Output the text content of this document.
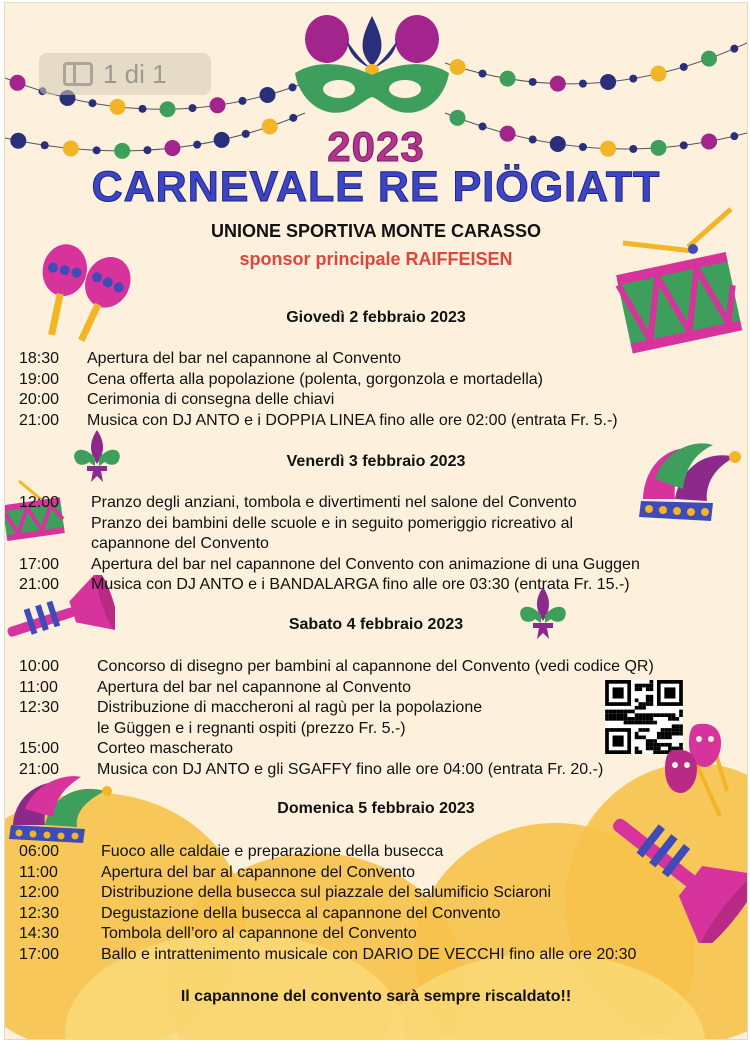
1 di 1
2023
CARNEVALE RE PIÖGIATT
UNIONE SPORTIVA MONTE CARASSO
sponsor principale RAIFFEISEN
Giovedì 2 febbraio 2023
18:30 Apertura del bar nel capannone al Convento
19:00 Cena offerta alla popolazione (polenta, gorgonzola e mortadella)
20:00 Cerimonia di consegna delle chiavi
21:00 Musica con DJ ANTO e i DOPPIA LINEA fino alle ore 02:00 (entrata Fr. 5.-)
Venerdì 3 febbraio 2023
12:00 Pranzo degli anziani, tombola e divertimenti nel salone del Convento
Pranzo dei bambini delle scuole e in seguito pomeriggio ricreativo al
capannone del Convento
17:00 Apertura del bar nel capannone del Convento con animazione di una Guggen
21:00 Musica con DJ ANTO e i BANDALARGA fino alle ore 03:30 (entrata Fr. 15.-)
Sabato 4 febbraio 2023
10:00 Concorso di disegno per bambini al capannone del Convento (vedi codice QR)
11:00 Apertura del bar nel capannone al Convento
12:30 Distribuzione di maccheroni al ragù per la popolazione
le Güggen e i regnanti ospiti (prezzo Fr. 5.-)
15:00 Corteo mascherato
21:00 Musica con DJ ANTO e gli SGAFFY fino alle ore 04:00 (entrata Fr. 20.-)
Domenica 5 febbraio 2023
06:00	Fuoco alle caldaie e preparazione della busecca
11:00	Apertura del bar al capannone del Convento
12:00	Distribuzione della busecca sul piazzale del salumificio Sciaroni
12:30	Degustazione della busecca al capannone del Convento
14:30	Tombola dell’oro al capannone del Convento
17:00	Ballo e intrattenimento musicale con DARIO DE VECCHI fino alle ore 20:30
Il capannone del convento sarà sempre riscaldato!!
